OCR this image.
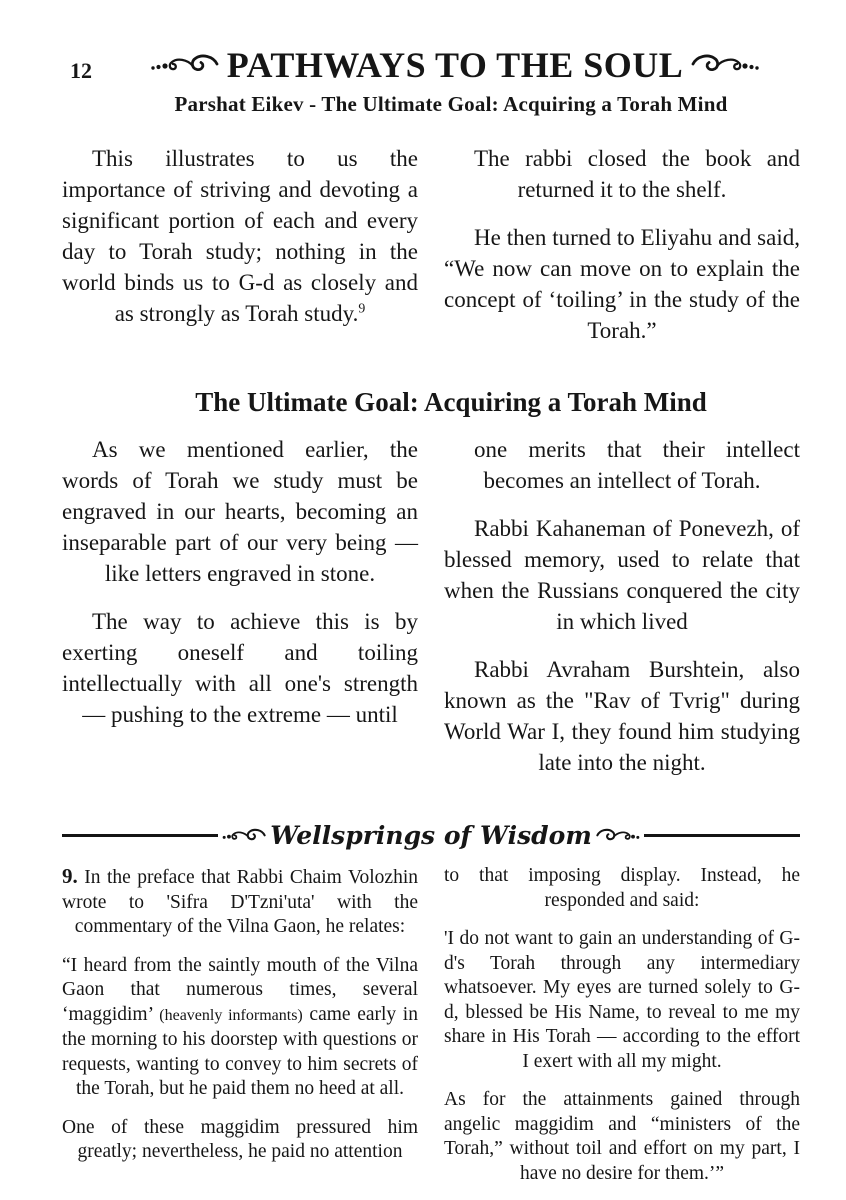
12	PATHWAYS TO THE SOUL
Parshat Eikev - The Ultimate Goal: Acquiring a Torah Mind

This illustrates to us the importance of striving and devoting a significant portion of each and every day to Torah study; nothing in the world binds us to G-d as closely and as strongly as Torah study.$^9$

The rabbi closed the book and returned it to the shelf.

He then turned to Eliyahu and said, “We now can move on to explain the concept of ‘toiling’ in the study of the Torah.”

The Ultimate Goal: Acquiring a Torah Mind

As we mentioned earlier, the words of Torah we study must be engraved in our hearts, becoming an inseparable part of our very being — like letters engraved in stone.

The way to achieve this is by exerting oneself and toiling intellectually with all one's strength — pushing to the extreme — until

one merits that their intellect becomes an intellect of Torah.

Rabbi Kahaneman of Ponevezh, of blessed memory, used to relate that when the Russians conquered the city in which lived

Rabbi Avraham Burshtein, also known as the "Rav of Tvrig" during World War I, they found him studying late into the night.

Wellsprings of Wisdom

9. In the preface that Rabbi Chaim Volozhin wrote to 'Sifra D'Tzni'uta' with the commentary of the Vilna Gaon, he relates:

“I heard from the saintly mouth of the Vilna Gaon that numerous times, several ‘maggidim’ (heavenly informants) came early in the morning to his doorstep with questions or requests, wanting to convey to him secrets of the Torah, but he paid them no heed at all.

One of these maggidim pressured him greatly; nevertheless, he paid no attention

to that imposing display. Instead, he responded and said:

'I do not want to gain an understanding of G-d's Torah through any intermediary whatsoever. My eyes are turned solely to G-d, blessed be His Name, to reveal to me my share in His Torah — according to the effort I exert with all my might.

As for the attainments gained through angelic maggidim and “ministers of the Torah,” without toil and effort on my part, I have no desire for them.’”
